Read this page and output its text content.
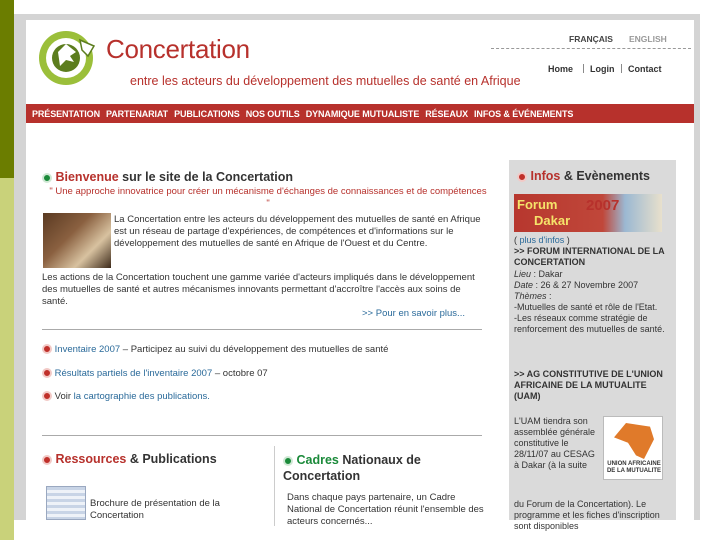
Concertation
entre les acteurs du développement des mutuelles de santé en Afrique
FRANÇAIS ENGLISH
Home | Login | Contact
PRÉSENTATION PARTENARIAT PUBLICATIONS NOS OUTILS DYNAMIQUE MUTUALISTE RÉSEAUX INFOS & ÉVÉNEMENTS
Bienvenue sur le site de la Concertation
" Une approche innovatrice pour créer un mécanisme d'échanges de connaissances et de compétences "
La Concertation entre les acteurs du développement des mutuelles de santé en Afrique est un réseau de partage d'expériences, de compétences et d'informations sur le développement des mutuelles de santé en Afrique de l'Ouest et du Centre.
Les actions de la Concertation touchent une gamme variée d'acteurs impliqués dans le développement des mutuelles de santé et autres mécanismes innovants permettant d'accroître l'accès aux soins de santé.
>> Pour en savoir plus...
Inventaire 2007 – Participez au suivi du développement des mutuelles de santé
Résultats partiels de l'inventaire 2007 – octobre 07
Voir la cartographie des publications.
Ressources & Publications
Brochure de présentation de la Concertation
Cadres Nationaux de Concertation
Dans chaque pays partenaire, un Cadre National de Concertation réunit l'ensemble des acteurs concernés...
Infos & Evènements
Forum
Dakar
2007
( plus d'infos )
>> FORUM INTERNATIONAL DE LA CONCERTATION
Lieu : Dakar
Date : 26 & 27 Novembre 2007
Thèmes :
-Mutuelles de santé et rôle de l'Etat.
-Les réseaux comme stratégie de renforcement des mutuelles de santé.
>> AG CONSTITUTIVE DE L'UNION AFRICAINE DE LA MUTUALITE (UAM)
L'UAM tiendra son assemblée générale constitutive le 28/11/07 au CESAG à Dakar (à la suite	UNION AFRICAINE DE LA MUTUALITE
du Forum de la Concertation). Le programme et les fiches d'inscription sont disponibles
